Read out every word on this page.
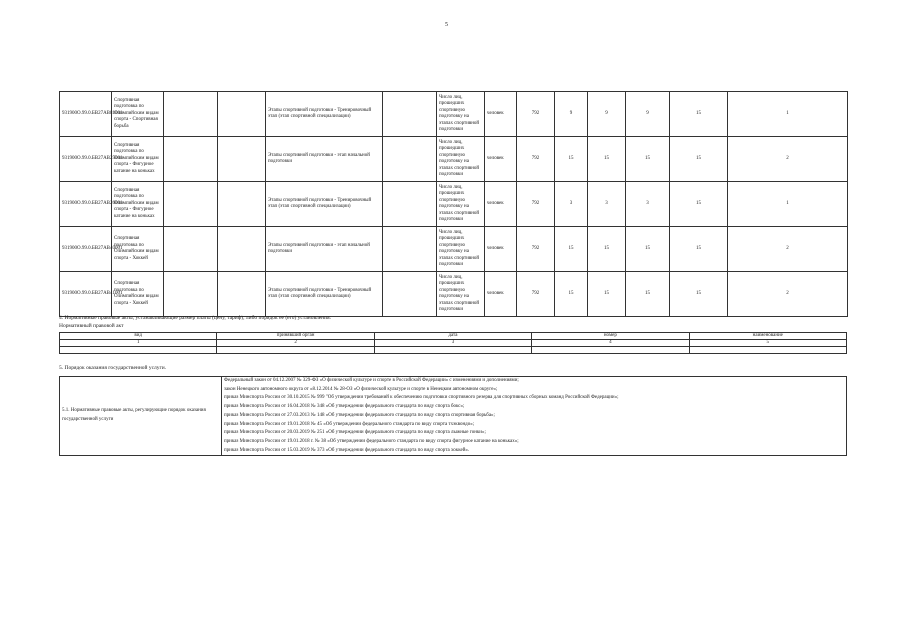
5
931900О.99.0.БВ27АВ81001	Спортивная подготовка по Олимпийским видам спорта - Спортивная борьба			Этапы спортивной подготовки - Тренировочный этап (этап спортивной специализации)		Число лиц, прошедших спортивную подготовку на этапах спортивной подготовки	человек	792	9	9	9	15	1
931900О.99.0.БВ27АВ25001	Спортивная подготовка по Олимпийским видам спорта - Фигурное катание на коньках			Этапы спортивной подготовки - этап начальной подготовки		Число лиц, прошедших спортивную подготовку на этапах спортивной подготовки	человек	792	15	15	15	15	2
931900О.99.0.БВ27АВ26001	Спортивная подготовка по Олимпийским видам спорта - Фигурное катание на коньках			Этапы спортивной подготовки - Тренировочный этап (этап спортивной специализации)		Число лиц, прошедших спортивную подготовку на этапах спортивной подготовки	человек	792	3	3	3	15	1
931900О.99.0.БВ27АВ40001	Спортивная подготовка по Олимпийским видам спорта - Хоккей			Этапы спортивной подготовки - этап начальной подготовки		Число лиц, прошедших спортивную подготовку на этапах спортивной подготовки	человек	792	15	15	15	15	2
931900О.99.0.БВ27АВ41001	Спортивная подготовка по Олимпийским видам спорта - Хоккей			Этапы спортивной подготовки - Тренировочный этап (этап спортивной специализации)		Число лиц, прошедших спортивную подготовку на этапах спортивной подготовки	человек	792	15	15	15	15	2
4. Нормативные правовые акты, устанавливающие размер платы (цену, тариф), либо порядок ее (его) установления:
Нормативный правовой акт
вид	принявший орган	дата	номер	наименование
1	2	3	4	5

5. Порядок оказания государственной услуги.
5.1. Нормативные правовые акты, регулирующие порядок оказания государственной услуги	
Федеральный закон от 04.12.2007 № 329-ФЗ «О физической культуре и спорте в Российской Федерации» с изменениями и дополнениями;
закон Ненецкого автономного округа от «8.12.2014 № 28-ОЗ «О физической культуре и спорте в Ненецком автономном округе»;
приказ Минспорта России от 30.10.2015 № 999 "Об утверждении требований к обеспечению подготовки спортивного резерва для спортивных сборных команд Российской Федерации»;
приказ Минспорта России от 16.04.2018 № 348 «Об утверждении федерального стандарта по виду спорта бокс»;
приказ Минспорта России от 27.03.2013 № 148 «Об утверждении федерального стандарта по виду спорта спортивная борьба»;
приказ Минспорта России от 19.01.2018 № 45 «Об утверждении федерального стандарта по виду спорта тхэквондо»;
приказ Минспорта России от 20.03.2019 № 251 «Об утверждении федерального стандарта по виду спорта лыжные гонки»;
приказ Минспорта России от 19.01.2018 г. № 38 «Об утверждении федерального стандарта по виду спорта фигурное катание на коньках»;
приказ Минспорта России от 15.03.2019 № 373 «Об утверждении федерального стандарта по виду спорта хоккей».
